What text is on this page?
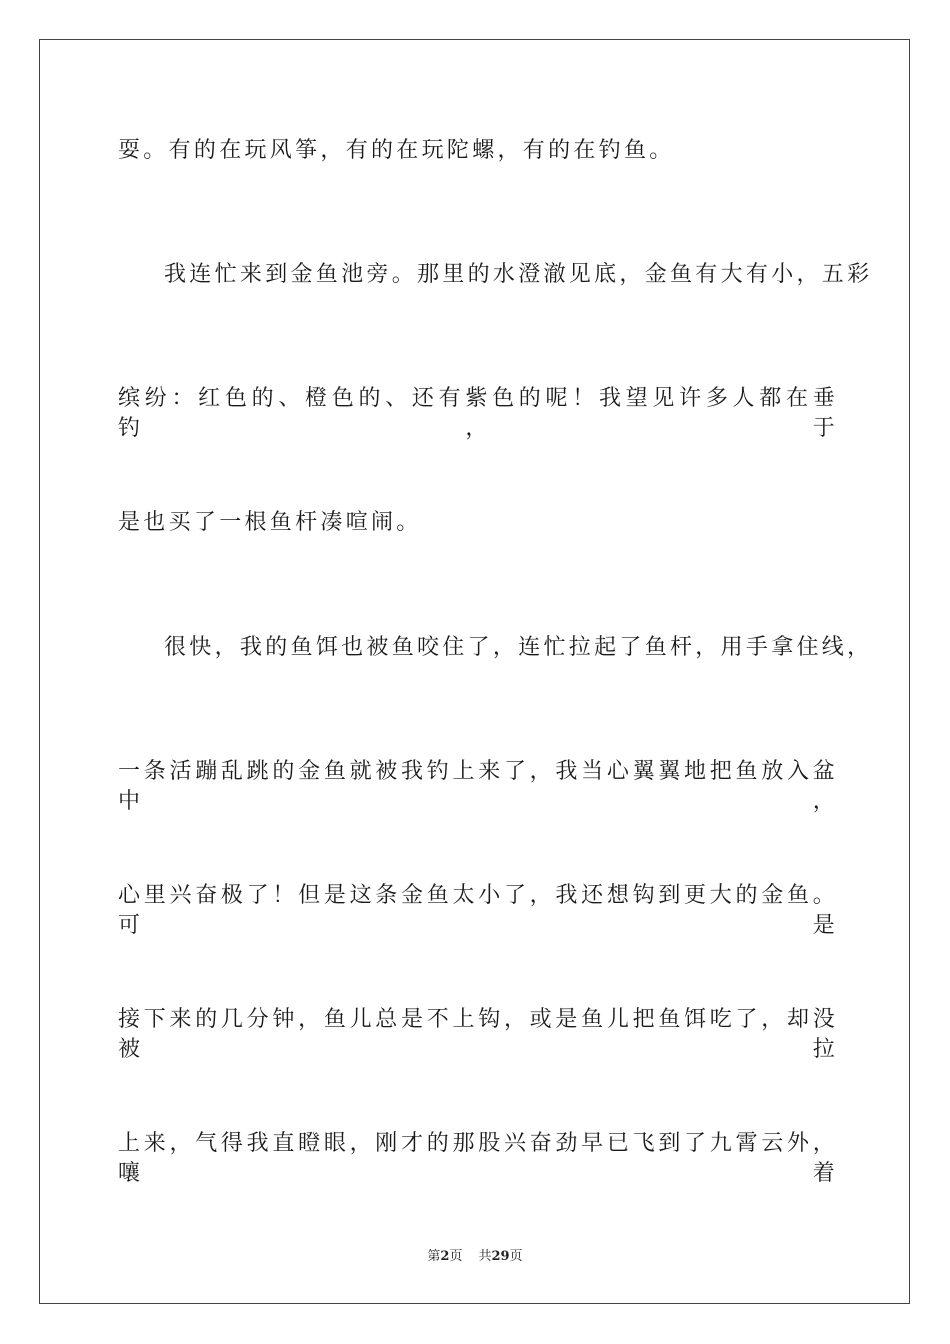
耍。有的在玩风筝，有的在玩陀螺，有的在钓鱼。
我连忙来到金鱼池旁。那里的水澄澈见底，金鱼有大有小，五彩
缤纷：红色的、橙色的、还有紫色的呢！我望见许多人都在垂钓，于
是也买了一根鱼杆凑喧闹。
很快，我的鱼饵也被鱼咬住了，连忙拉起了鱼杆，用手拿住线，
一条活蹦乱跳的金鱼就被我钓上来了，我当心翼翼地把鱼放入盆中，
心里兴奋极了！但是这条金鱼太小了，我还想钩到更大的金鱼。可是
接下来的几分钟，鱼儿总是不上钩，或是鱼儿把鱼饵吃了，却没被拉
上来，气得我直瞪眼，刚才的那股兴奋劲早已飞到了九霄云外，嚷着
第2页 共29页
